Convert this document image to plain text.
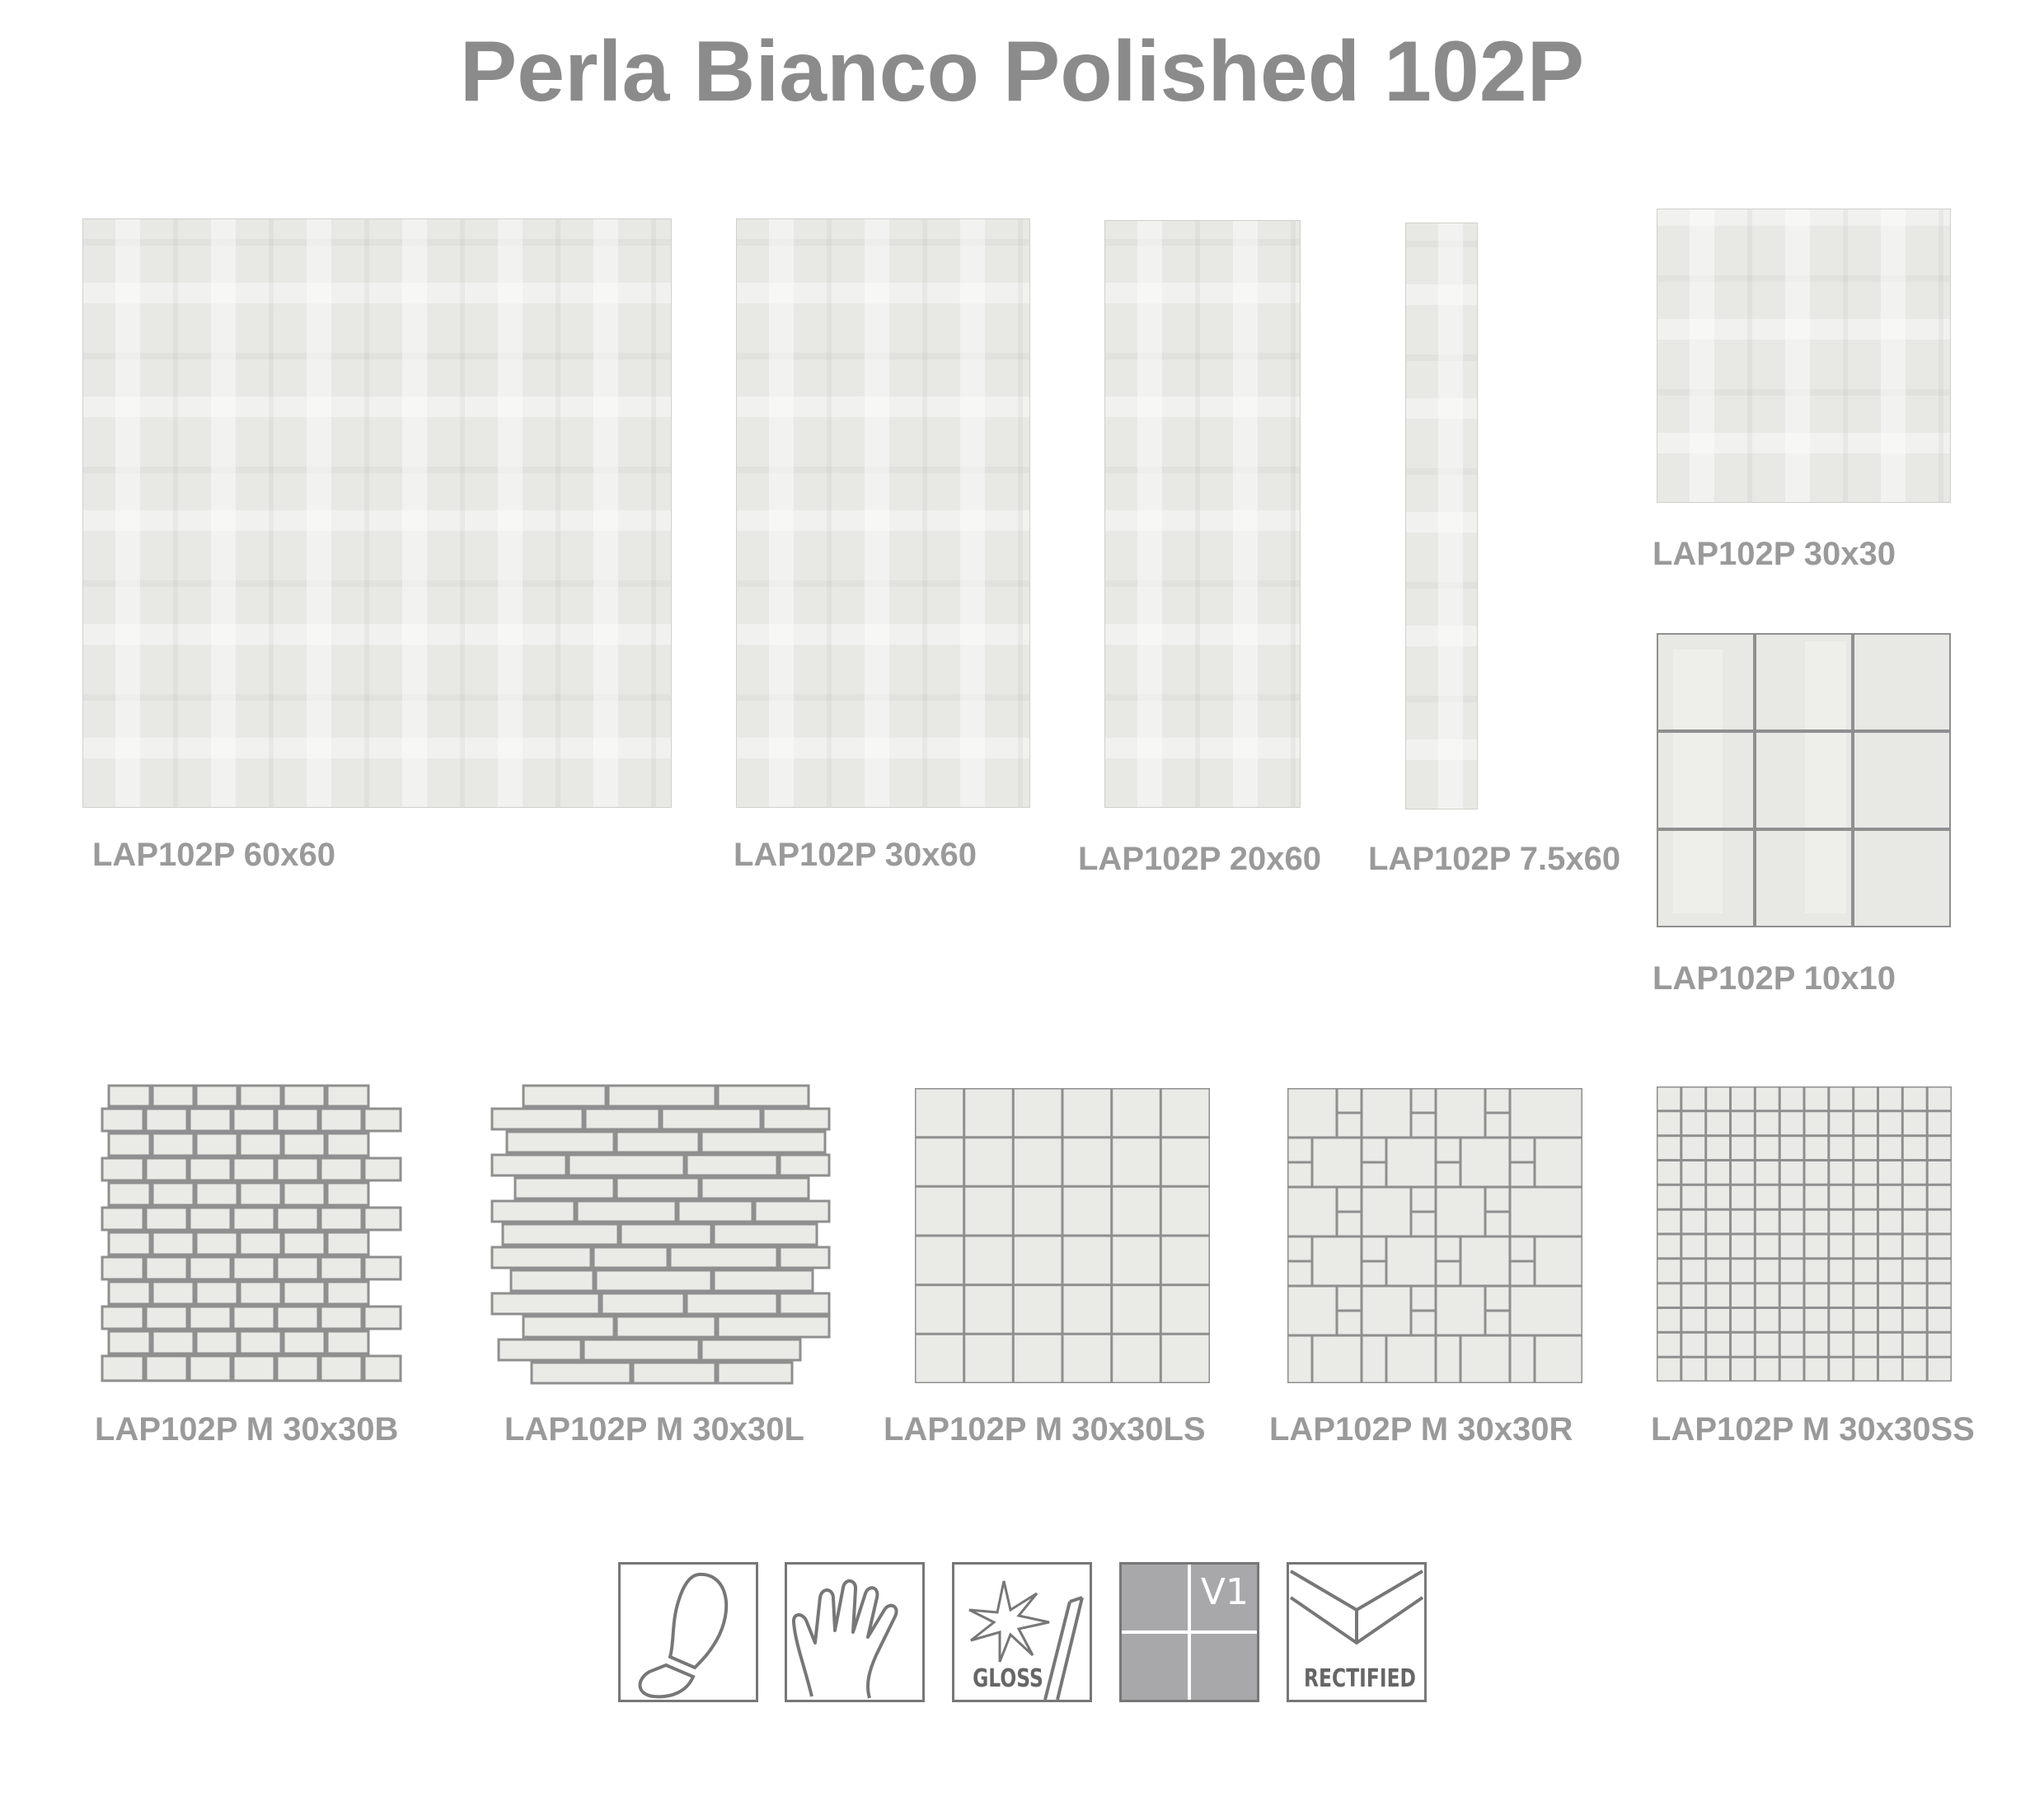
Perla Bianco Polished 102P
LAP102P 60x60	LAP102P 30x60	LAP102P 20x60 LAP102P 7.5x60
LAP102P 30x30
LAP102P 10x10
LAP102P M 30x30B	LAP102P M 30x30L LAP102P M 30x30LS LAP102P M 30x30R LAP102P M 30x30SS
GLOSS
V1
RECTIFIED
